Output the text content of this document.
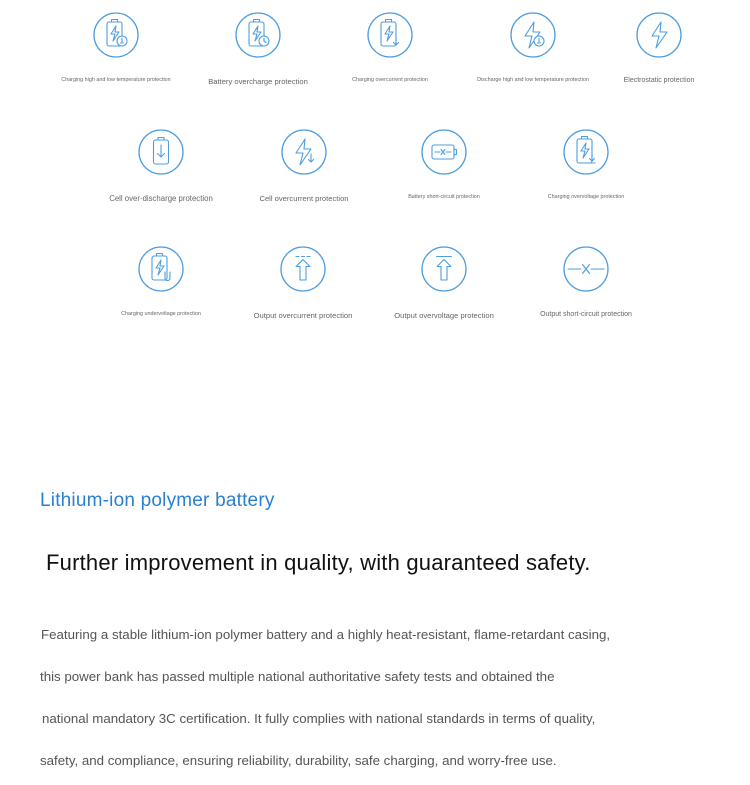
Charging high and low temperature protection	Battery overcharge protection	Charging overcurrent protection	Discharge high and low temperature protection	Electrostatic protection
Cell over-discharge protection	Cell overcurrent protection	Battery short-circuit protection	Charging overvoltage protection
Charging undervoltage protection	Output overcurrent protection	Output overvoltage protection	Output short-circuit protection
Lithium-ion polymer battery
Further improvement in quality, with guaranteed safety.
Featuring a stable lithium-ion polymer battery and a highly heat-resistant, flame-retardant casing,
this power bank has passed multiple national authoritative safety tests and obtained the
national mandatory 3C certification. It fully complies with national standards in terms of quality,
safety, and compliance, ensuring reliability, durability, safe charging, and worry-free use.
